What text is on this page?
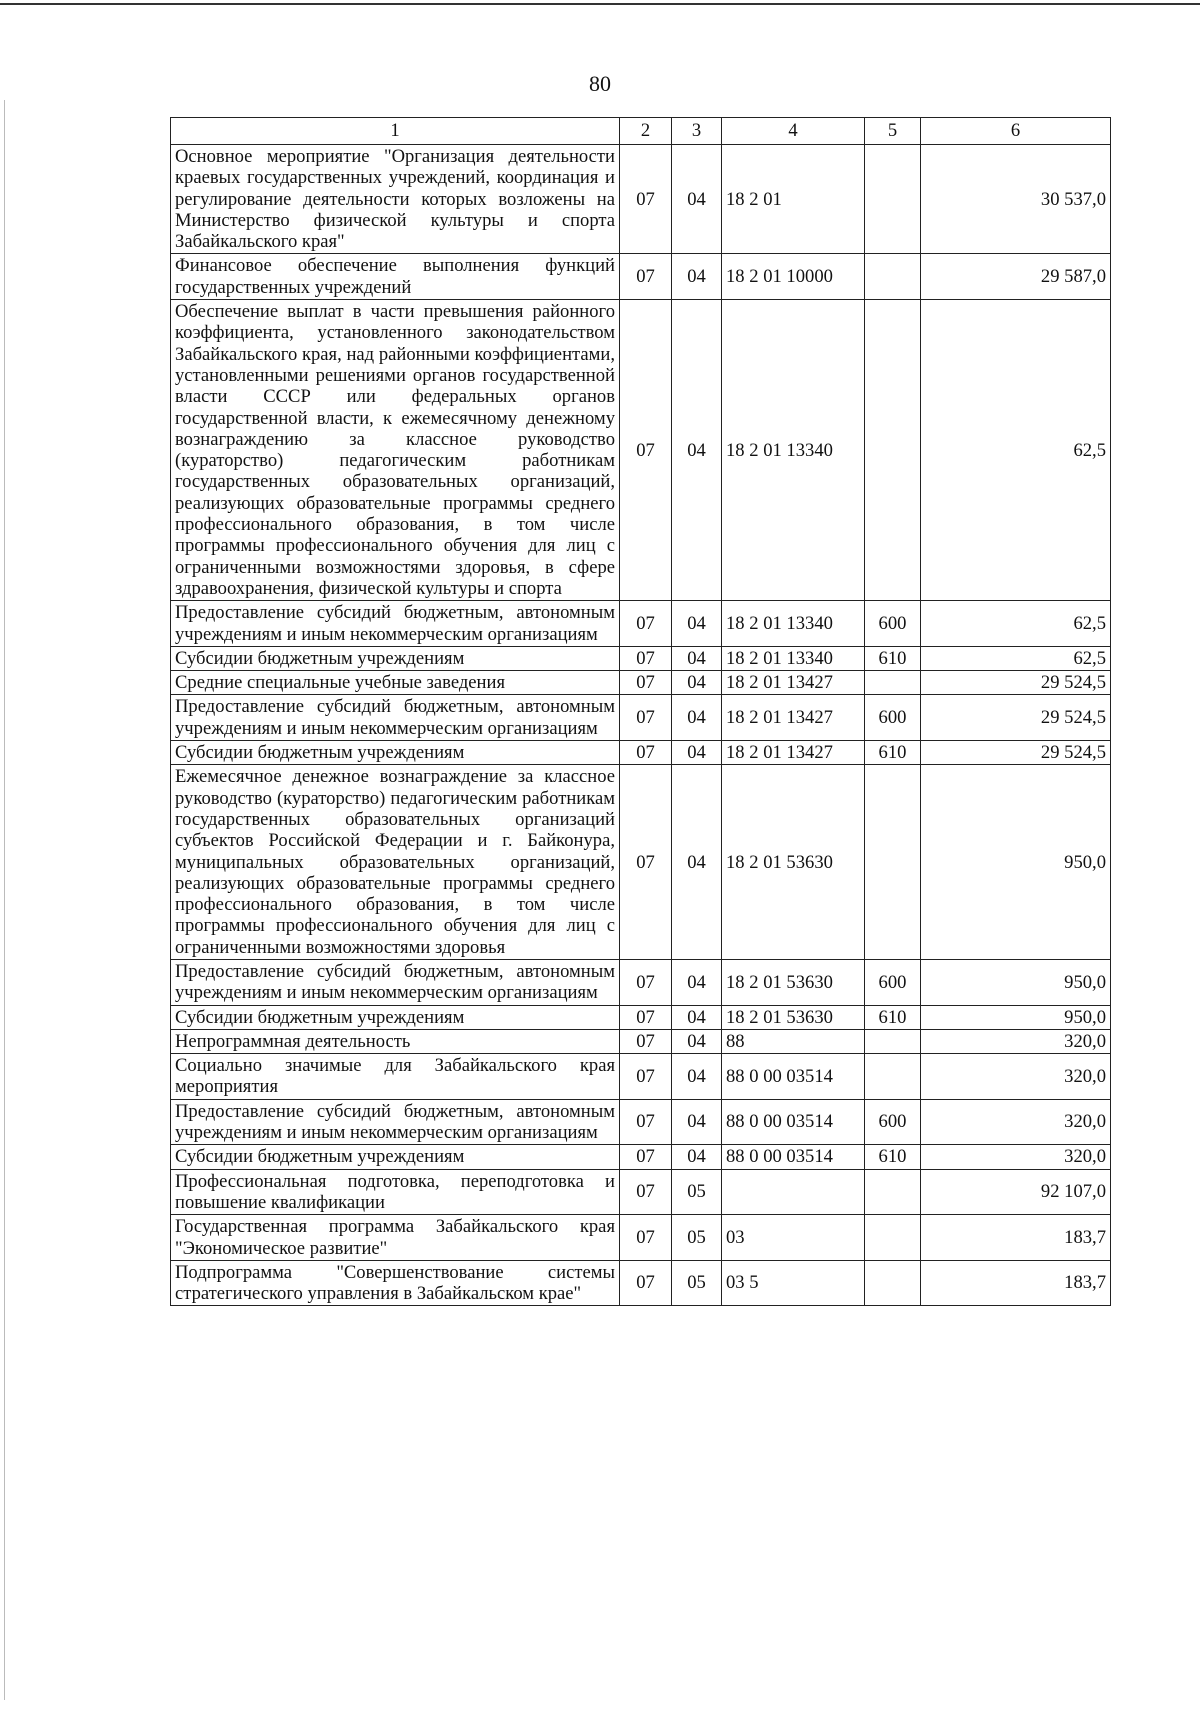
80
1	2	3	4	5	6
Основное мероприятие "Организация деятельности краевых государственных учреждений, координация и регулирование деятельности которых возложены на Министерство физической культуры и спорта Забайкальского края"	07	04	18 2 01		30 537,0
Финансовое обеспечение выполнения функций государственных учреждений	07	04	18 2 01 10000		29 587,0
Обеспечение выплат в части превышения районного коэффициента, установленного законодательством Забайкальского края, над районными коэффициентами, установленными решениями органов государственной власти СССР или федеральных органов государственной власти, к ежемесячному денежному вознаграждению за классное руководство (кураторство) педагогическим работникам государственных образовательных организаций, реализующих образовательные программы среднего профессионального образования, в том числе программы профессионального обучения для лиц с ограниченными возможностями здоровья, в сфере здравоохранения, физической культуры и спорта	07	04	18 2 01 13340		62,5
Предоставление субсидий бюджетным, автономным учреждениям и иным некоммерческим организациям	07	04	18 2 01 13340	600	62,5
Субсидии бюджетным учреждениям	07	04	18 2 01 13340	610	62,5
Средние специальные учебные заведения	07	04	18 2 01 13427		29 524,5
Предоставление субсидий бюджетным, автономным учреждениям и иным некоммерческим организациям	07	04	18 2 01 13427	600	29 524,5
Субсидии бюджетным учреждениям	07	04	18 2 01 13427	610	29 524,5
Ежемесячное денежное вознаграждение за классное руководство (кураторство) педагогическим работникам государственных образовательных организаций субъектов Российской Федерации и г. Байконура, муниципальных образовательных организаций, реализующих образовательные программы среднего профессионального образования, в том числе программы профессионального обучения для лиц с ограниченными возможностями здоровья	07	04	18 2 01 53630		950,0
Предоставление субсидий бюджетным, автономным учреждениям и иным некоммерческим организациям	07	04	18 2 01 53630	600	950,0
Субсидии бюджетным учреждениям	07	04	18 2 01 53630	610	950,0
Непрограммная деятельность	07	04	88		320,0
Социально значимые для Забайкальского края мероприятия	07	04	88 0 00 03514		320,0
Предоставление субсидий бюджетным, автономным учреждениям и иным некоммерческим организациям	07	04	88 0 00 03514	600	320,0
Субсидии бюджетным учреждениям	07	04	88 0 00 03514	610	320,0
Профессиональная подготовка, переподготовка и повышение квалификации	07	05			92 107,0
Государственная программа Забайкальского края "Экономическое развитие"	07	05	03		183,7
Подпрограмма "Совершенствование системы стратегического управления в Забайкальском крае"	07	05	03 5		183,7
